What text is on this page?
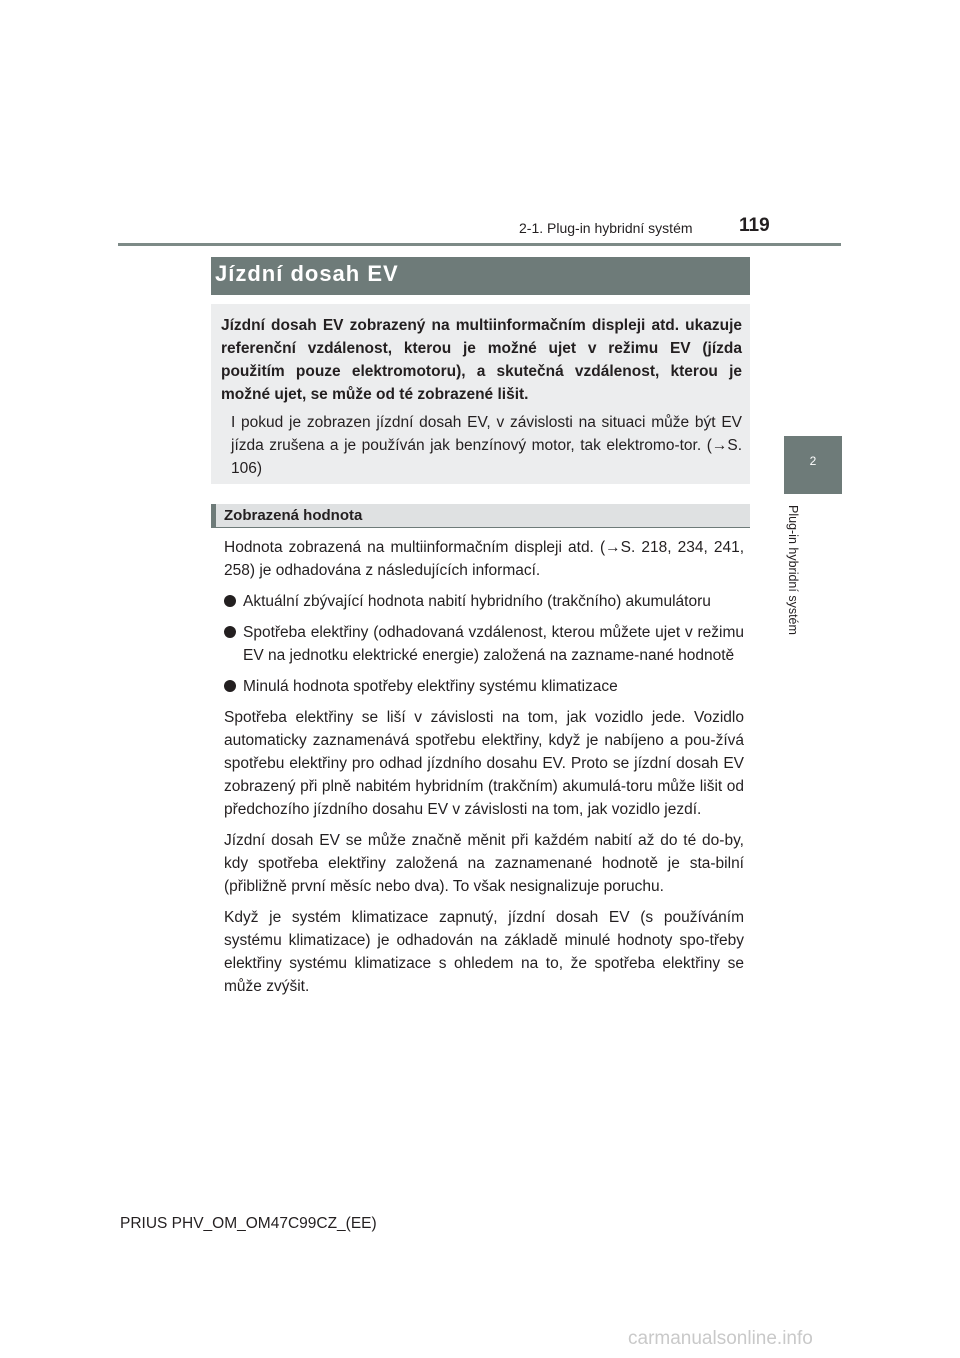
2-1. Plug-in hybridní systém 119
2
Plug-in hybridní systém
Jízdní dosah EV
Jízdní dosah EV zobrazený na multiinformačním displeji atd. ukazuje referenční vzdálenost, kterou je možné ujet v režimu EV (jízda použitím pouze elektromotoru), a skutečná vzdálenost, kterou je možné ujet, se může od té zobrazené lišit.
I pokud je zobrazen jízdní dosah EV, v závislosti na situaci může být EV jízda zrušena a je používán jak benzínový motor, tak elektromo-tor. (→S. 106)
Zobrazená hodnota

Hodnota zobrazená na multiinformačním displeji atd. (→S. 218, 234, 241, 258) je odhadována z následujících informací.

Aktuální zbývající hodnota nabití hybridního (trakčního) akumulátoru
Spotřeba elektřiny (odhadovaná vzdálenost, kterou můžete ujet v režimu EV na jednotku elektrické energie) založená na zazname-nané hodnotě
Minulá hodnota spotřeby elektřiny systému klimatizace

Spotřeba elektřiny se liší v závislosti na tom, jak vozidlo jede. Vozidlo automaticky zaznamenává spotřebu elektřiny, když je nabíjeno a pou-žívá spotřebu elektřiny pro odhad jízdního dosahu EV. Proto se jízdní dosah EV zobrazený při plně nabitém hybridním (trakčním) akumulá-toru může lišit od předchozího jízdního dosahu EV v závislosti na tom, jak vozidlo jezdí.

Jízdní dosah EV se může značně měnit při každém nabití až do té do-by, kdy spotřeba elektřiny založená na zaznamenané hodnotě je sta-bilní (přibližně první měsíc nebo dva). To však nesignalizuje poruchu.

Když je systém klimatizace zapnutý, jízdní dosah EV (s používáním systému klimatizace) je odhadován na základě minulé hodnoty spo-třeby elektřiny systému klimatizace s ohledem na to, že spotřeba elektřiny se může zvýšit.

PRIUS PHV_OM_OM47C99CZ_(EE)
carmanualsonline.info
